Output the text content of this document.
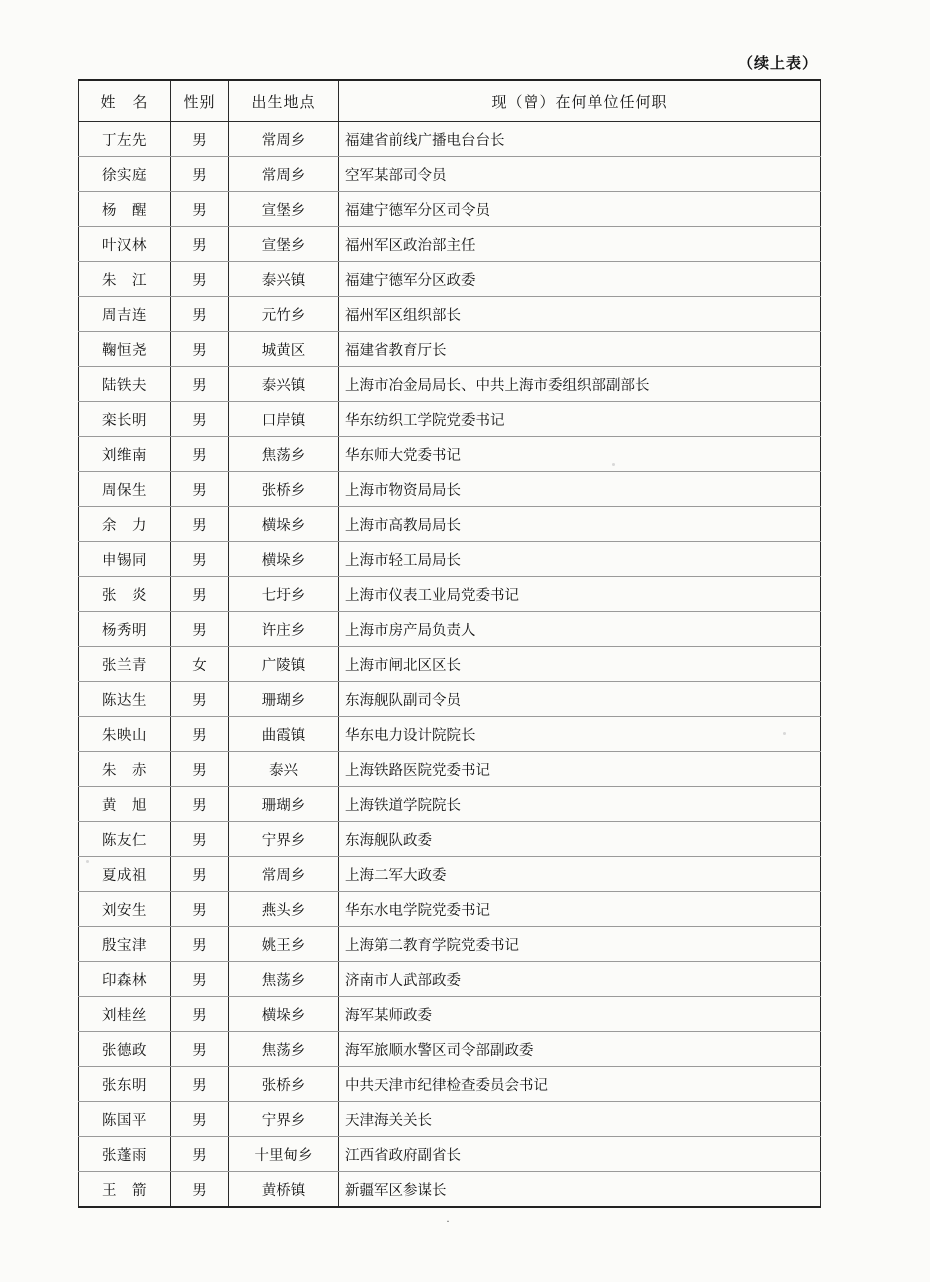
（续上表）
姓　名	性别	出生地点	现（曾）在何单位任何职
丁左先	男	常周乡	福建省前线广播电台台长
徐实庭	男	常周乡	空军某部司令员
杨　醒	男	宣堡乡	福建宁德军分区司令员
叶汉林	男	宣堡乡	福州军区政治部主任
朱　江	男	泰兴镇	福建宁德军分区政委
周吉连	男	元竹乡	福州军区组织部长
鞠恒尧	男	城黄区	福建省教育厅长
陆铁夫	男	泰兴镇	上海市冶金局局长、中共上海市委组织部副部长
栾长明	男	口岸镇	华东纺织工学院党委书记
刘维南	男	焦荡乡	华东师大党委书记
周保生	男	张桥乡	上海市物资局局长
余　力	男	横垛乡	上海市高教局局长
申锡同	男	横垛乡	上海市轻工局局长
张　炎	男	七圩乡	上海市仪表工业局党委书记
杨秀明	男	许庄乡	上海市房产局负责人
张兰青	女	广陵镇	上海市闸北区区长
陈达生	男	珊瑚乡	东海舰队副司令员
朱映山	男	曲霞镇	华东电力设计院院长
朱　赤	男	泰兴	上海铁路医院党委书记
黄　旭	男	珊瑚乡	上海铁道学院院长
陈友仁	男	宁界乡	东海舰队政委
夏成祖	男	常周乡	上海二军大政委
刘安生	男	燕头乡	华东水电学院党委书记
殷宝津	男	姚王乡	上海第二教育学院党委书记
印森林	男	焦荡乡	济南市人武部政委
刘桂丝	男	横垛乡	海军某师政委
张德政	男	焦荡乡	海军旅顺水警区司令部副政委
张东明	男	张桥乡	中共天津市纪律检查委员会书记
陈国平	男	宁界乡	天津海关关长
张蓬雨	男	十里甸乡	江西省政府副省长
王　箭	男	黄桥镇	新疆军区参谋长
·
